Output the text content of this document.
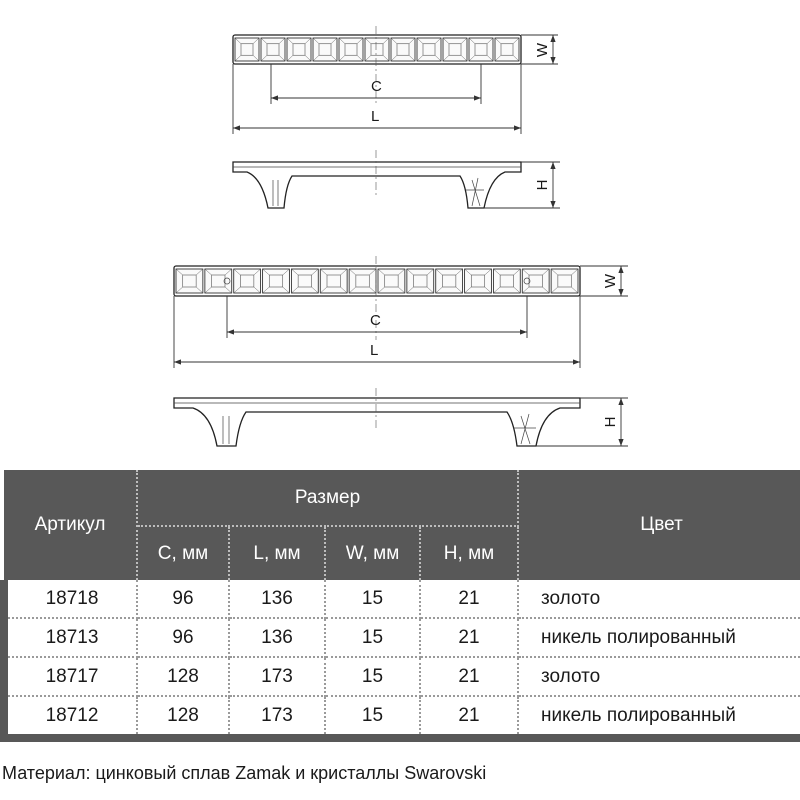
C
L
W
H
C
L
W
H
Артикул	Размер				Цвет
	C, мм	L, мм	W, мм	H, мм	
18718	96	136	15	21	золото
18713	96	136	15	21	никель полированный
18717	128	173	15	21	золото
18712	128	173	15	21	никель полированный
Материал: цинковый сплав Zamak и кристаллы Swarovski
